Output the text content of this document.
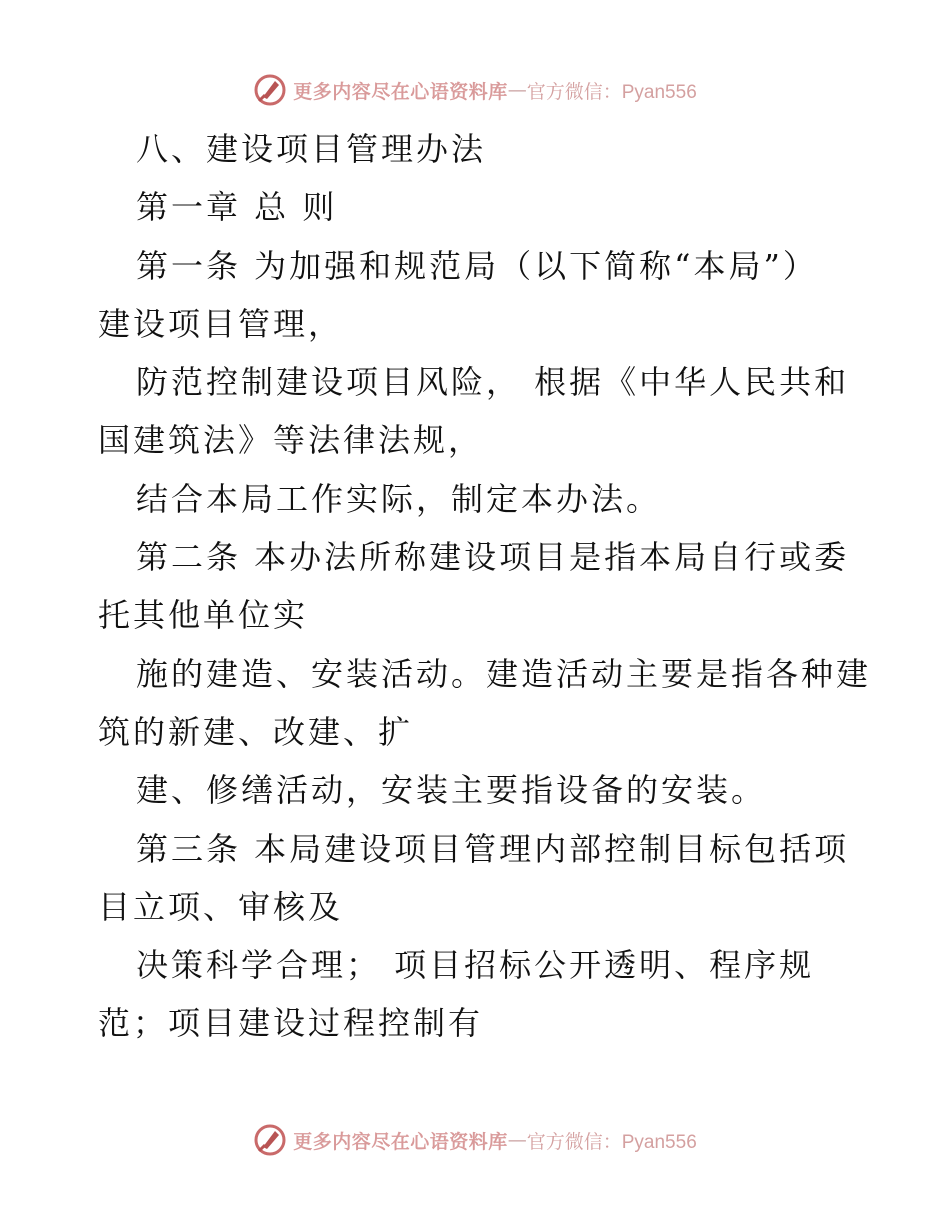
更多内容尽在心语资料库 — 官方微信：Pyan556
八、建设项目管理办法
第一章 总 则
第一条 为加强和规范局（以下简称“本局”）
建设项目管理，
防范控制建设项目风险， 根据《中华人民共和
国建筑法》等法律法规，
结合本局工作实际，制定本办法。
第二条 本办法所称建设项目是指本局自行或委
托其他单位实
施的建造、安装活动。建造活动主要是指各种建
筑的新建、改建、扩
建、修缮活动，安装主要指设备的安装。
第三条 本局建设项目管理内部控制目标包括项
目立项、审核及
决策科学合理； 项目招标公开透明、程序规
范；项目建设过程控制有
更多内容尽在心语资料库 — 官方微信：Pyan556
